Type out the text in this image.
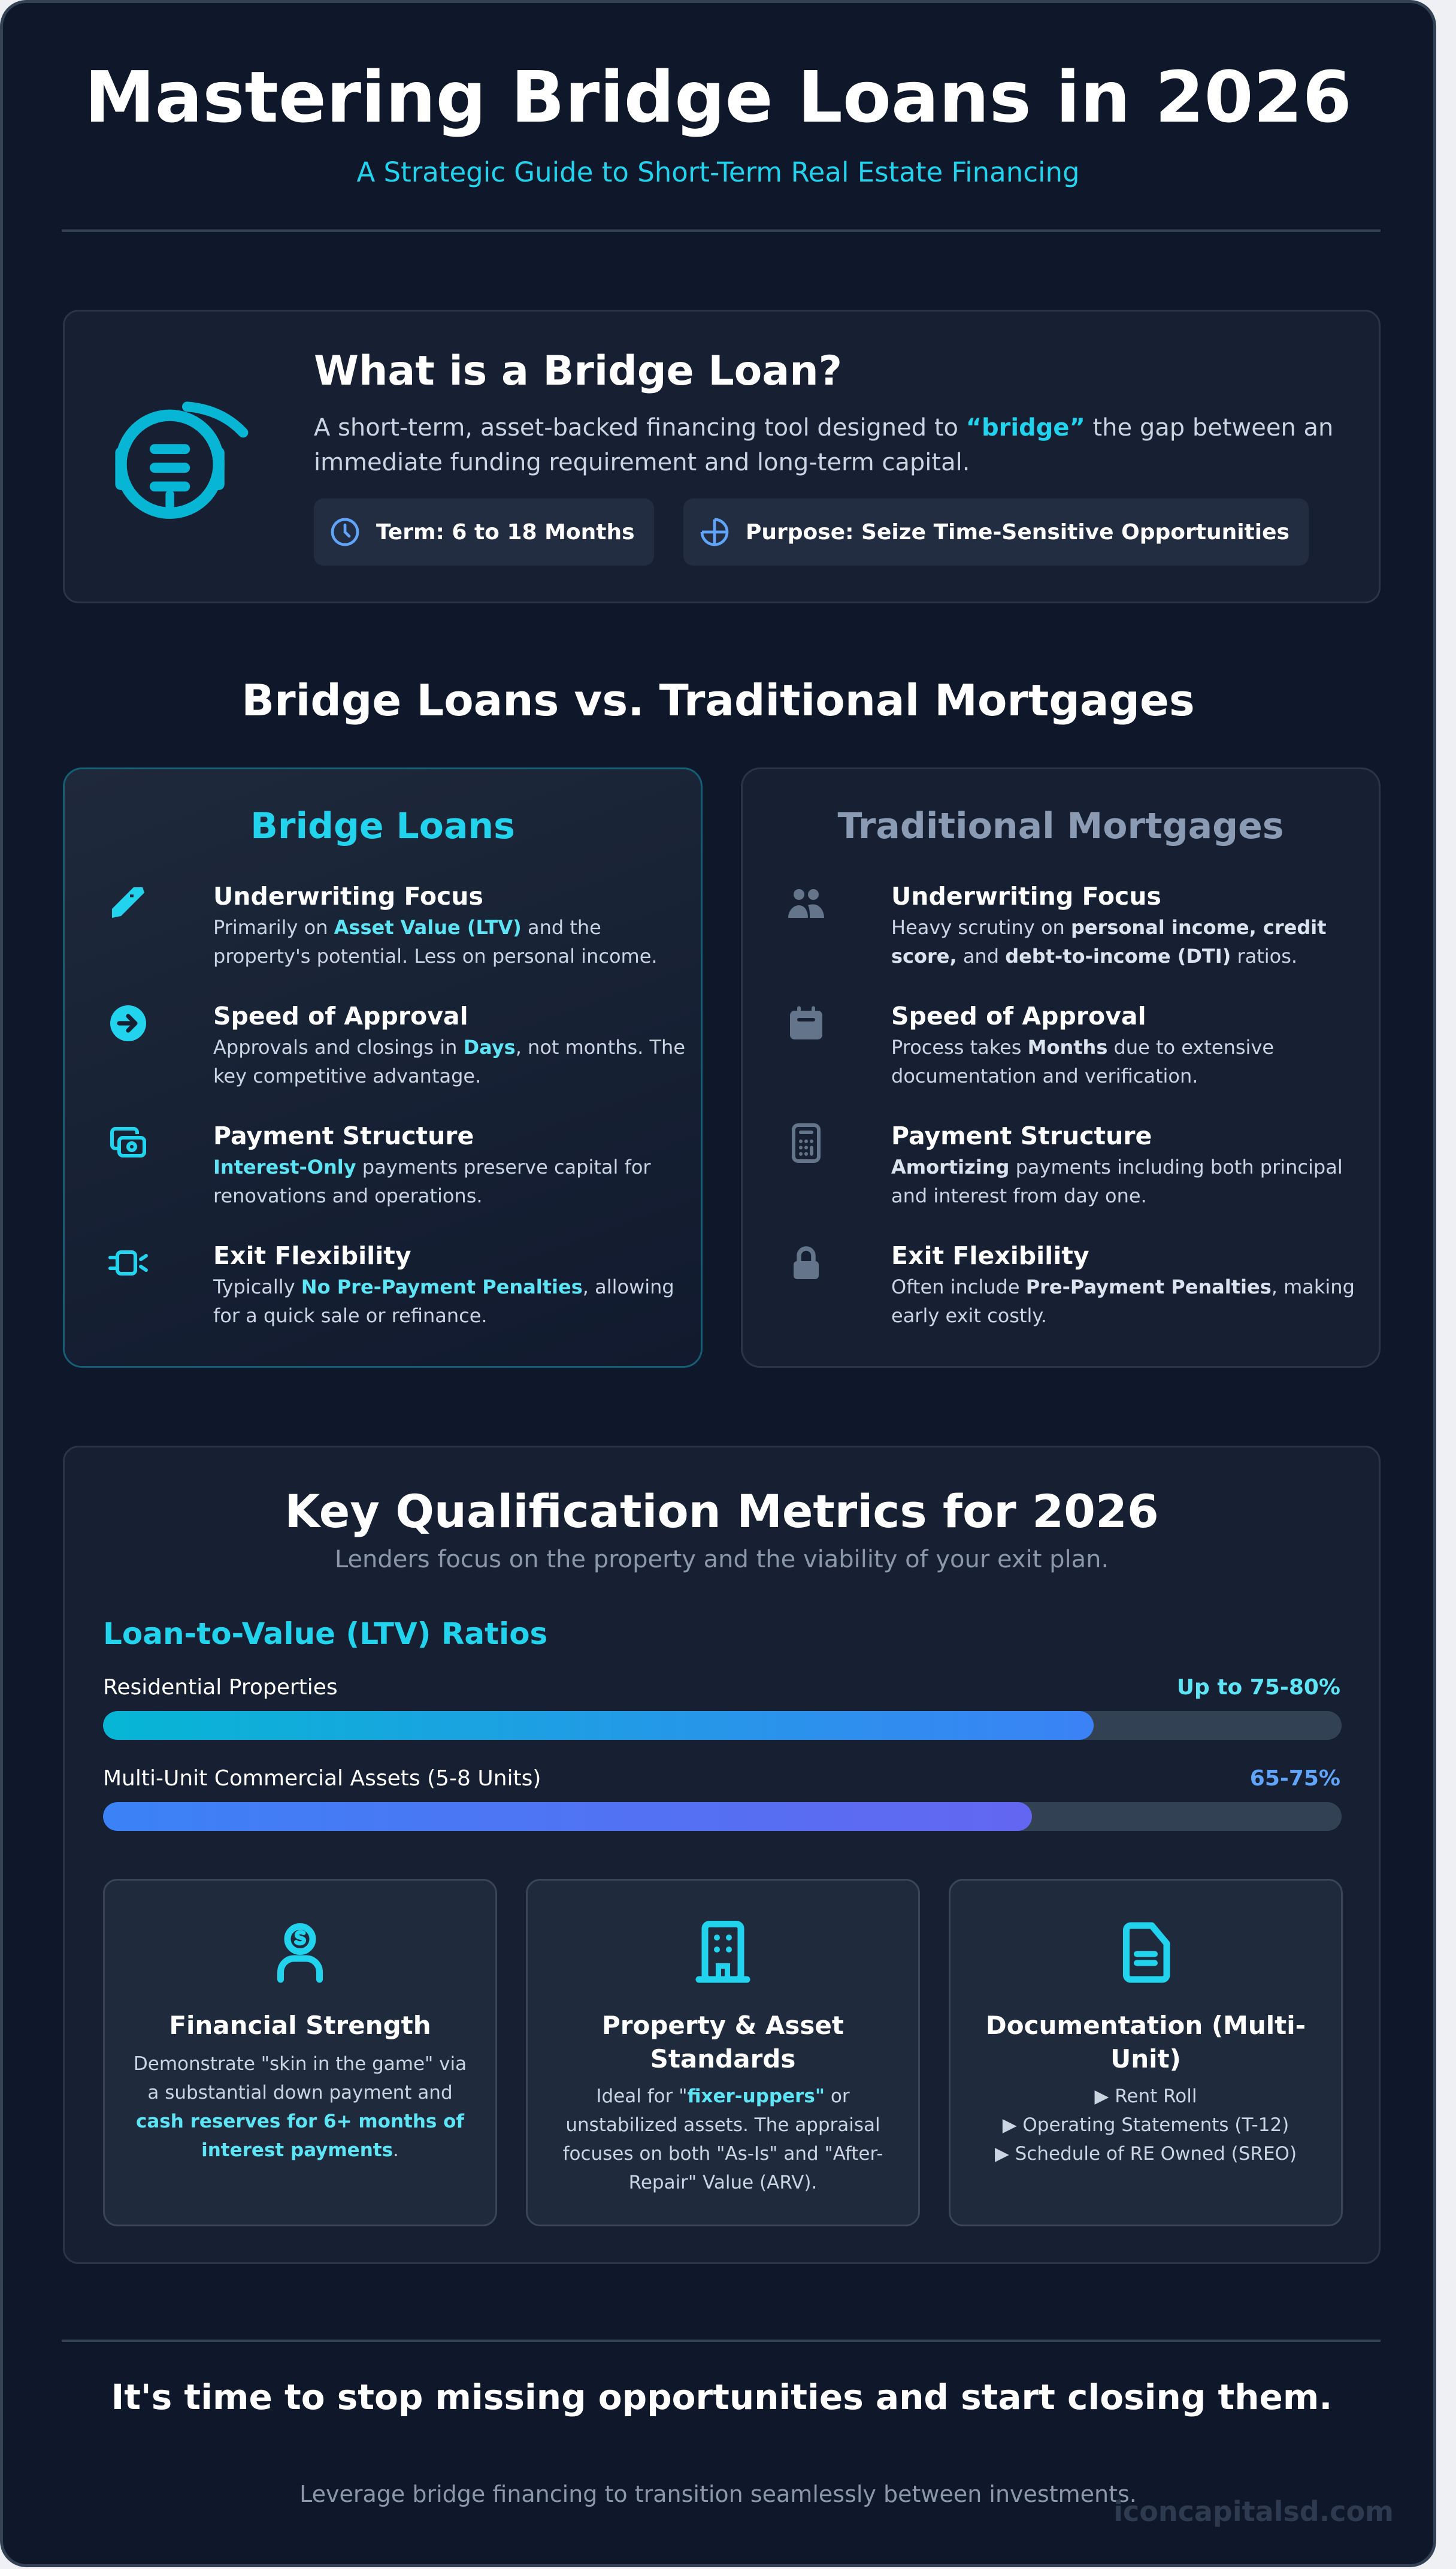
Mastering Bridge Loans in 2026
A Strategic Guide to Short-Term Real Estate Financing
What is a Bridge Loan?

A short-term, asset-backed financing tool designed to “bridge” the gap between an immediate funding requirement and long-term capital.

Term: 6 to 18 Months	Purpose: Seize Time-Sensitive Opportunities
Bridge Loans vs. Traditional Mortgages
Bridge Loans
Underwriting Focus
Primarily on Asset Value (LTV) and the property's potential. Less on personal income.
Speed of Approval
Approvals and closings in Days, not months. The key competitive advantage.
Payment Structure
Interest-Only payments preserve capital for renovations and operations.
Exit Flexibility
Typically No Pre-Payment Penalties, allowing for a quick sale or refinance.
Traditional Mortgages
Underwriting Focus
Heavy scrutiny on personal income, credit score, and debt-to-income (DTI) ratios.
Speed of Approval
Process takes Months due to extensive documentation and verification.
Payment Structure
Amortizing payments including both principal and interest from day one.
Exit Flexibility
Often include Pre-Payment Penalties, making early exit costly.
Key Qualification Metrics for 2026

Lenders focus on the property and the viability of your exit plan.

Loan-to-Value (LTV) Ratios
Residential Properties	Up to 75-80%
Multi-Unit Commercial Assets (5-8 Units)	65-75%
Financial Strength
Demonstrate "skin in the game" via a substantial down payment and cash reserves for 6+ months of interest payments.
Property & Asset Standards
Ideal for "fixer-uppers" or unstabilized assets. The appraisal focuses on both "As-Is" and "After-Repair" Value (ARV).
Documentation (Multi-Unit)
▶ Rent Roll
▶ Operating Statements (T-12)
▶ Schedule of RE Owned (SREO)
It's time to stop missing opportunities and start closing them.

Leverage bridge financing to transition seamlessly between investments.

iconcapitalsd.com
